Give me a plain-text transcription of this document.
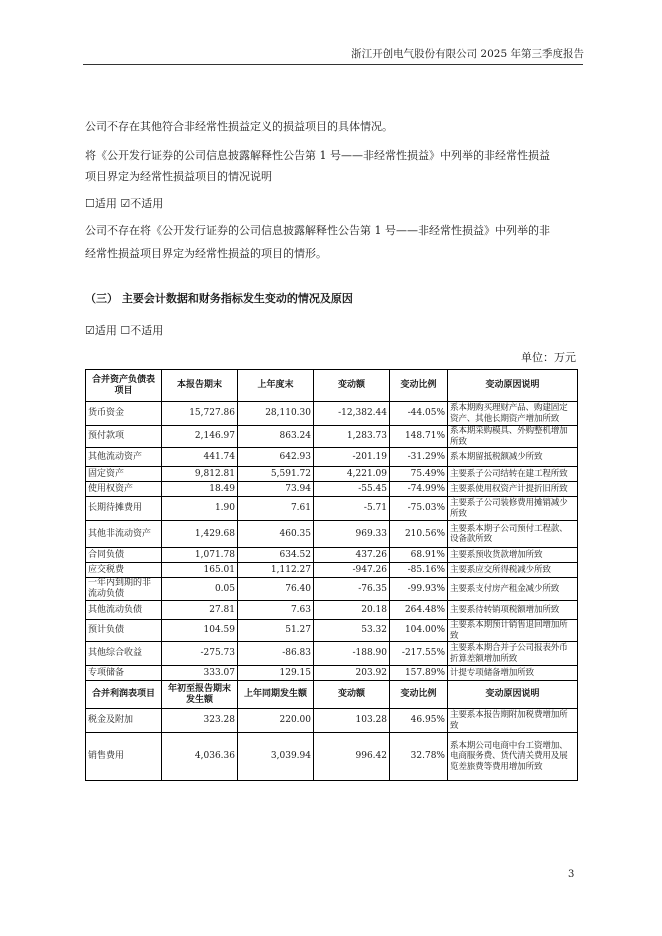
浙江开创电气股份有限公司 2025 年第三季度报告
公司不存在其他符合非经常性损益定义的损益项目的具体情况。
将《公开发行证券的公司信息披露解释性公告第 1 号——非经常性损益》中列举的非经常性损益
项目界定为经常性损益项目的情况说明
☐适用 ☑不适用
公司不存在将《公开发行证券的公司信息披露解释性公告第 1 号——非经常性损益》中列举的非
经常性损益项目界定为经常性损益的项目的情形。
（三） 主要会计数据和财务指标发生变动的情况及原因
☑适用 ☐不适用
单位：万元
合并资产负债表项目	本报告期末	上年度末	变动额	变动比例	变动原因说明
货币资金	15,727.86	28,110.30	-12,382.44	-44.05%	系本期购买理财产品、购建固定资产、其他长期资产增加所致
预付款项	2,146.97	863.24	1,283.73	148.71%	系本期采购模具、外购整机增加所致
其他流动资产	441.74	642.93	-201.19	-31.29%	系本期留抵税额减少所致
固定资产	9,812.81	5,591.72	4,221.09	75.49%	主要系子公司结转在建工程所致
使用权资产	18.49	73.94	-55.45	-74.99%	主要系使用权资产计提折旧所致
长期待摊费用	1.90	7.61	-5.71	-75.03%	主要系子公司装修费用摊销减少所致
其他非流动资产	1,429.68	460.35	969.33	210.56%	主要系本期子公司预付工程款、设备款所致
合同负债	1,071.78	634.52	437.26	68.91%	主要系预收货款增加所致
应交税费	165.01	1,112.27	-947.26	-85.16%	主要系应交所得税减少所致
一年内到期的非流动负债	0.05	76.40	-76.35	-99.93%	主要系支付房产租金减少所致
其他流动负债	27.81	7.63	20.18	264.48%	主要系待转销项税额增加所致
预计负债	104.59	51.27	53.32	104.00%	主要系本期预计销售退回增加所致
其他综合收益	-275.73	-86.83	-188.90	-217.55%	主要系本期合并子公司报表外币折算差额增加所致
专项储备	333.07	129.15	203.92	157.89%	计提专项储备增加所致
合并利润表项目	年初至报告期末发生额	上年同期发生额	变动额	变动比例	变动原因说明
税金及附加	323.28	220.00	103.28	46.95%	主要系本报告期附加税费增加所致
销售费用	4,036.36	3,039.94	996.42	32.78%	系本期公司电商中台工资增加、电商服务费、货代清关费用及展览差旅费等费用增加所致
3
